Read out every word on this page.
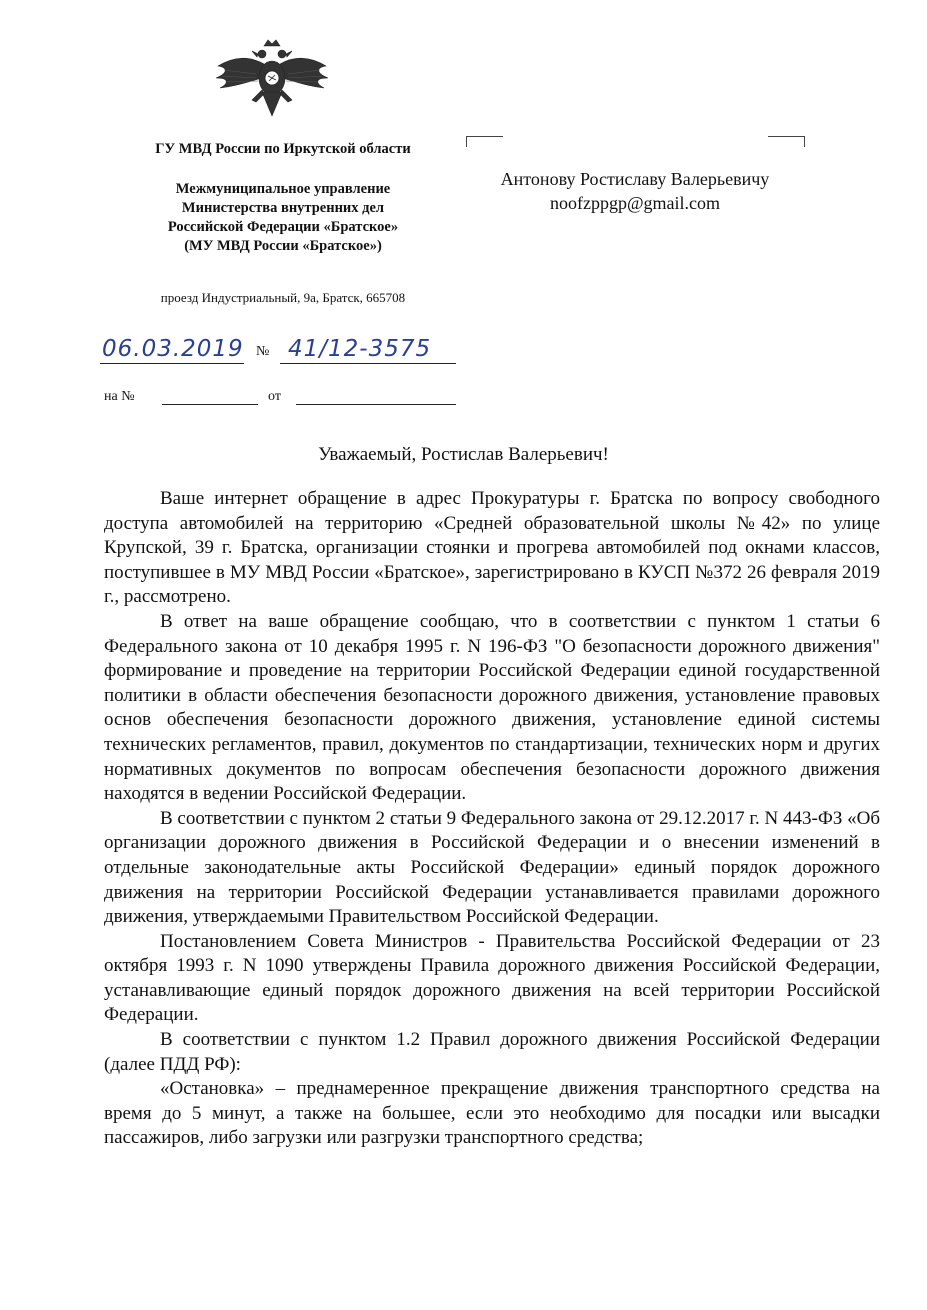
ГУ МВД России по Иркутской области
Межмуниципальное управление
Министерства внутренних дел
Российской Федерации «Братское»
(МУ МВД России «Братское»)
проезд Индустриальный, 9а, Братск, 665708
Антонову Ростиславу Валерьевичу
noofzppgp@gmail.com
06.03.2019 № 41/12-3575
на №	от
Уважаемый, Ростислав Валерьевич!

Ваше интернет обращение в адрес Прокуратуры г. Братска по вопросу свободного доступа автомобилей на территорию «Средней образовательной школы №42» по улице Крупской, 39 г. Братска, организации стоянки и прогрева автомобилей под окнами классов, поступившее в МУ МВД России «Братское», зарегистрировано в КУСП №372 26 февраля 2019 г., рассмотрено.

В ответ на ваше обращение сообщаю, что в соответствии с пунктом 1 статьи 6 Федерального закона от 10 декабря 1995 г. N 196-ФЗ "О безопасности дорожного движения" формирование и проведение на территории Российской Федерации единой государственной политики в области обеспечения безопасности дорожного движения, установление правовых основ обеспечения безопасности дорожного движения, установление единой системы технических регламентов, правил, документов по стандартизации, технических норм и других нормативных документов по вопросам обеспечения безопасности дорожного движения находятся в ведении Российской Федерации.

В соответствии с пунктом 2 статьи 9 Федерального закона от 29.12.2017 г. N 443-ФЗ «Об организации дорожного движения в Российской Федерации и о внесении изменений в отдельные законодательные акты Российской Федерации» единый порядок дорожного движения на территории Российской Федерации устанавливается правилами дорожного движения, утверждаемыми Правительством Российской Федерации.

Постановлением Совета Министров - Правительства Российской Федерации от 23 октября 1993 г. N 1090 утверждены Правила дорожного движения Российской Федерации, устанавливающие единый порядок дорожного движения на всей территории Российской Федерации.

В соответствии с пунктом 1.2 Правил дорожного движения Российской Федерации (далее ПДД РФ):

«Остановка» – преднамеренное прекращение движения транспортного средства на время до 5 минут, а также на большее, если это необходимо для посадки или высадки пассажиров, либо загрузки или разгрузки транспортного средства;
